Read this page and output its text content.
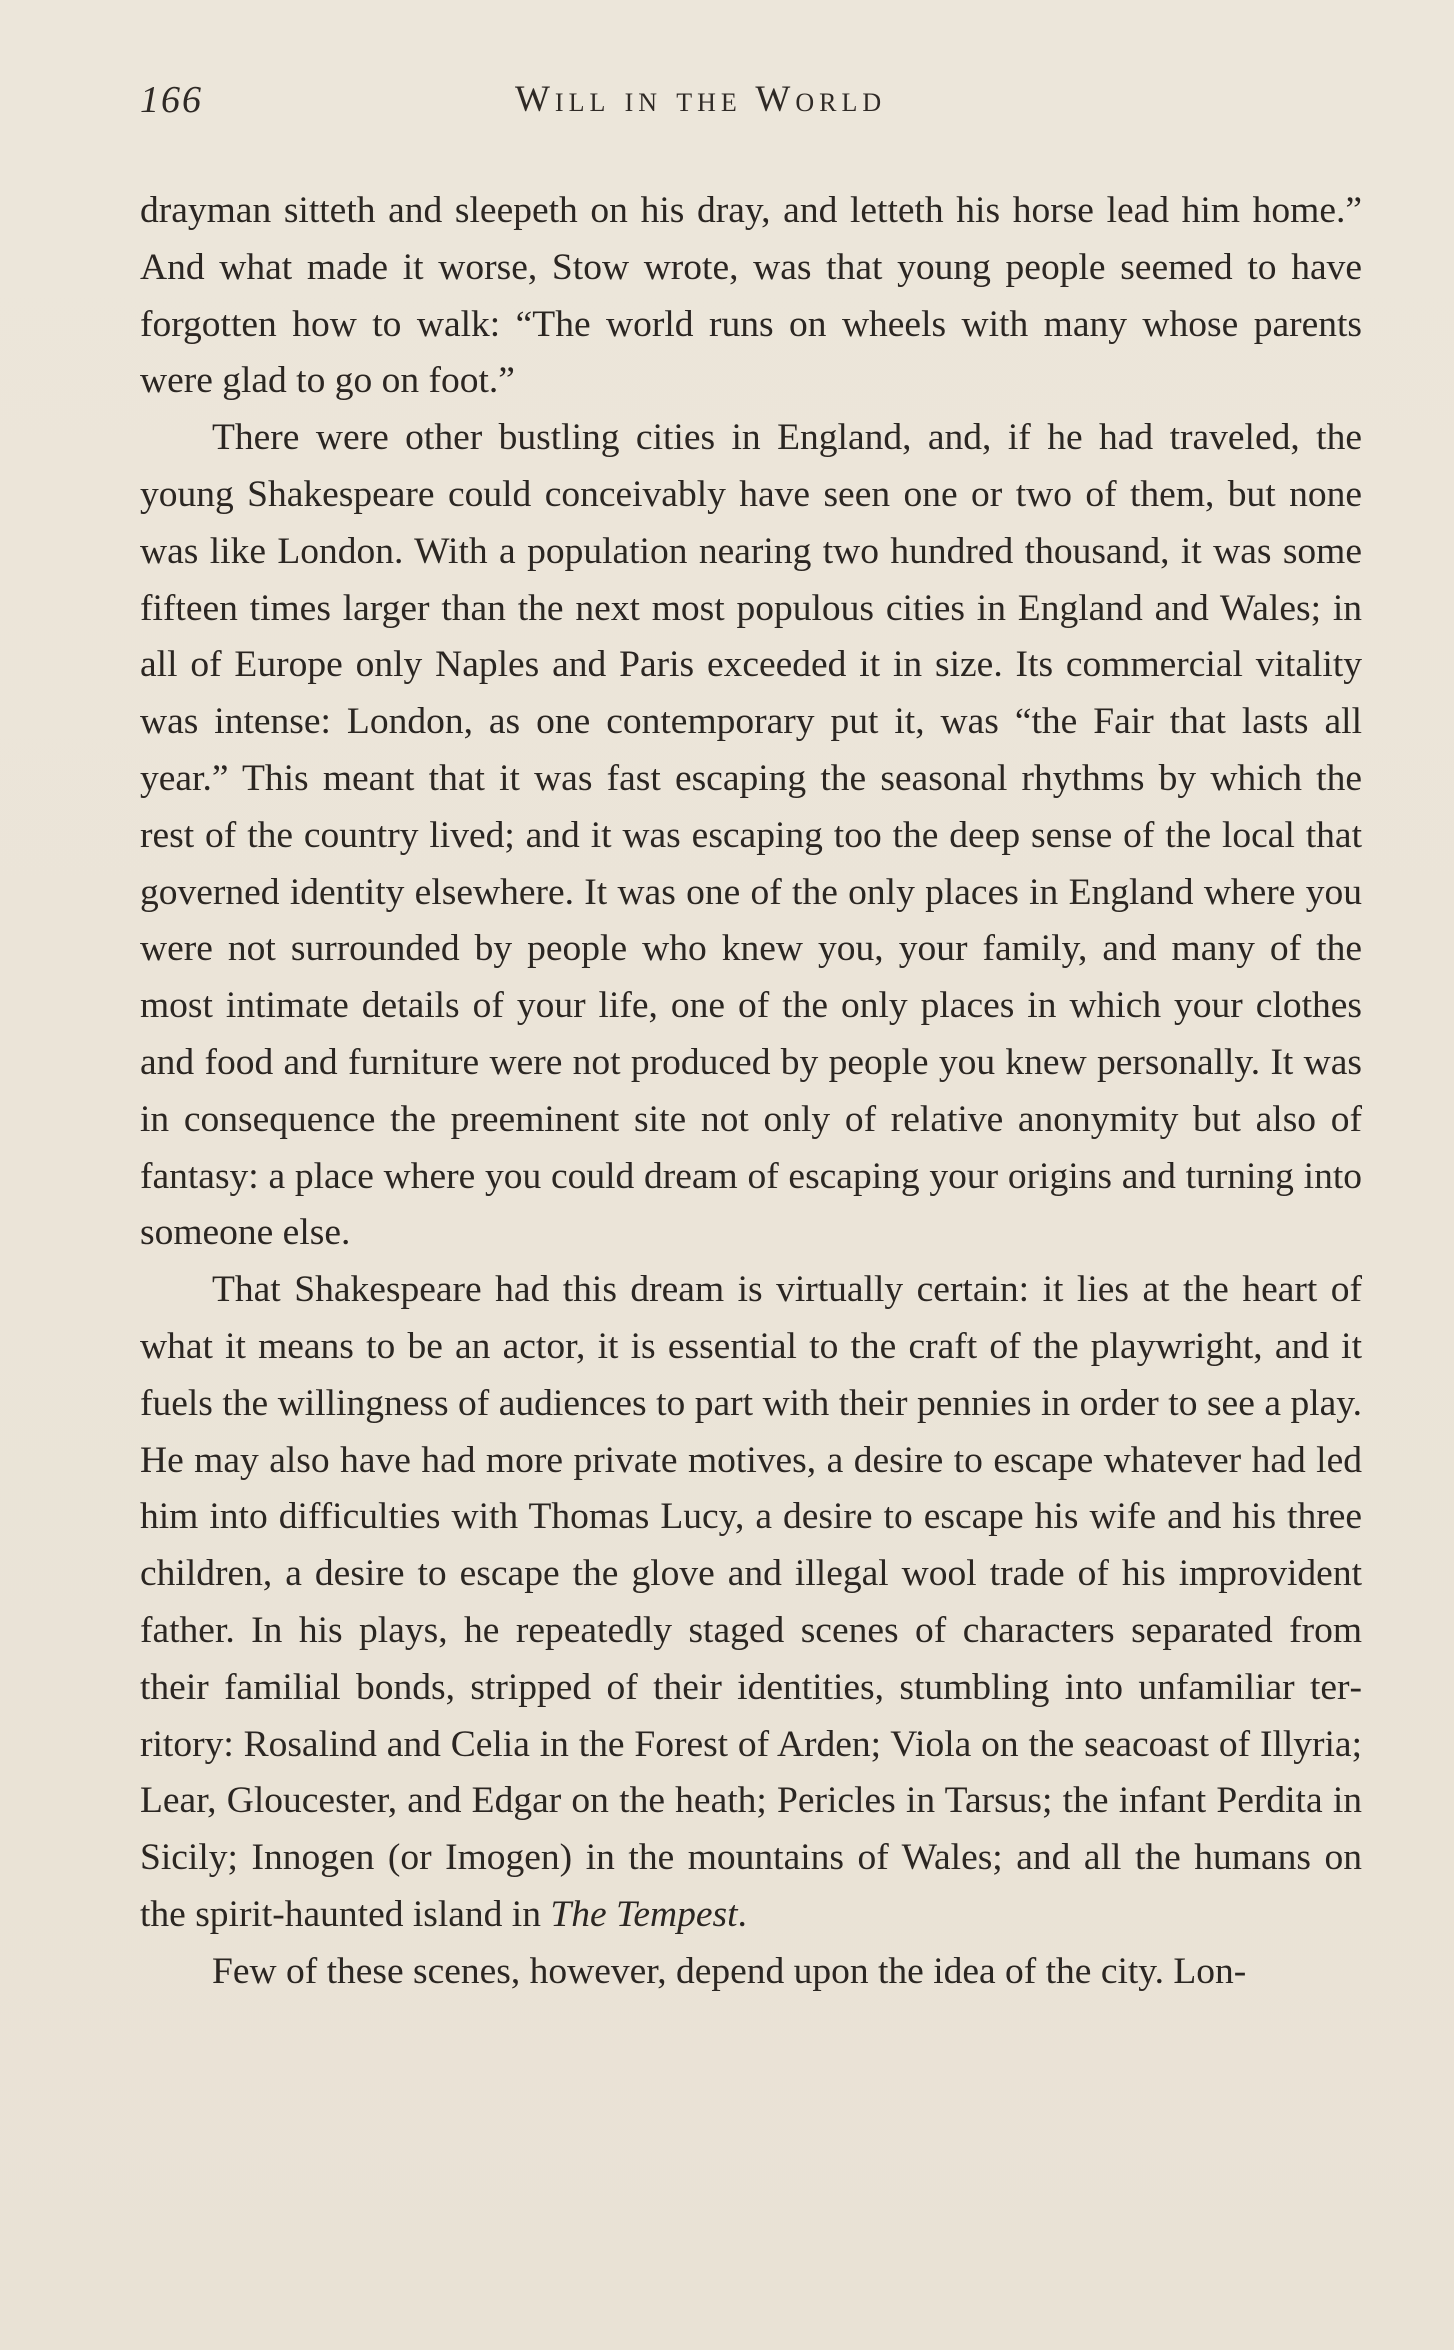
166	Will in the World

drayman sitteth and sleepeth on his dray, and letteth his horse lead him home.” And what made it worse, Stow wrote, was that young people seemed to have forgotten how to walk: “The world runs on wheels with many whose parents were glad to go on foot.”

There were other bustling cities in England, and, if he had traveled, the young Shakespeare could conceivably have seen one or two of them, but none was like London. With a population nearing two hundred thousand, it was some fifteen times larger than the next most populous cities in England and Wales; in all of Europe only Naples and Paris exceeded it in size. Its commercial vitality was intense: London, as one contemporary put it, was “the Fair that lasts all year.” This meant that it was fast escaping the seasonal rhythms by which the rest of the country lived; and it was escaping too the deep sense of the local that governed identity elsewhere. It was one of the only places in England where you were not surrounded by people who knew you, your family, and many of the most intimate details of your life, one of the only places in which your clothes and food and furniture were not produced by people you knew personally. It was in consequence the preeminent site not only of relative anonymity but also of fantasy: a place where you could dream of escaping your origins and turning into someone else.

That Shakespeare had this dream is virtually certain: it lies at the heart of what it means to be an actor, it is essential to the craft of the playwright, and it fuels the willingness of audiences to part with their pennies in order to see a play. He may also have had more private motives, a desire to escape whatever had led him into difficulties with Thomas Lucy, a desire to escape his wife and his three children, a desire to escape the glove and illegal wool trade of his improvident father. In his plays, he repeatedly staged scenes of characters separated from their familial bonds, stripped of their identities, stumbling into unfamiliar territory: Rosalind and Celia in the Forest of Arden; Viola on the seacoast of Illyria; Lear, Gloucester, and Edgar on the heath; Pericles in Tarsus; the infant Perdita in Sicily; Innogen (or Imogen) in the mountains of Wales; and all the humans on the spirit-haunted island in The Tempest.

Few of these scenes, however, depend upon the idea of the city. Lon-
